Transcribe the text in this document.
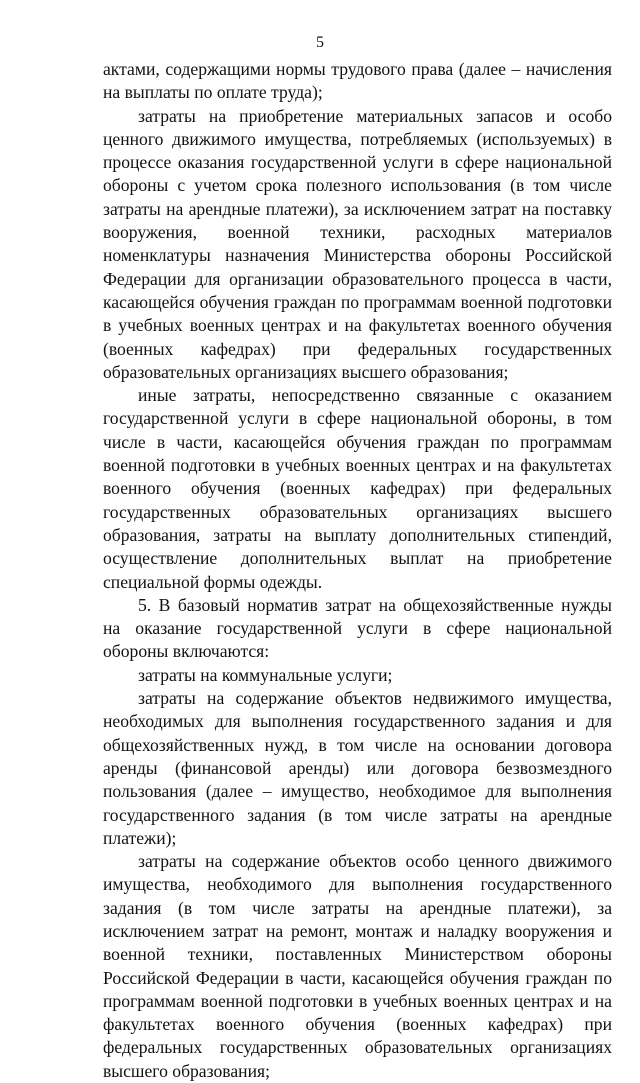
5

актами, содержащими нормы трудового права (далее – начисления на выплаты по оплате труда);

затраты на приобретение материальных запасов и особо ценного движимого имущества, потребляемых (используемых) в процессе оказания государственной услуги в сфере национальной обороны с учетом срока полезного использования (в том числе затраты на арендные платежи), за исключением затрат на поставку вооружения, военной техники, расходных материалов номенклатуры назначения Министерства обороны Российской Федерации для организации образовательного процесса в части, касающейся обучения граждан по программам военной подготовки в учебных военных центрах и на факультетах военного обучения (военных кафедрах) при федеральных государственных образовательных организациях высшего образования;

иные затраты, непосредственно связанные с оказанием государственной услуги в сфере национальной обороны, в том числе в части, касающейся обучения граждан по программам военной подготовки в учебных военных центрах и на факультетах военного обучения (военных кафедрах) при федеральных государственных образовательных организациях высшего образования, затраты на выплату дополнительных стипендий, осуществление дополнительных выплат на приобретение специальной формы одежды.

5. В базовый норматив затрат на общехозяйственные нужды на оказание государственной услуги в сфере национальной обороны включаются:

затраты на коммунальные услуги;

затраты на содержание объектов недвижимого имущества, необходимых для выполнения государственного задания и для общехозяйственных нужд, в том числе на основании договора аренды (финансовой аренды) или договора безвозмездного пользования (далее – имущество, необходимое для выполнения государственного задания (в том числе затраты на арендные платежи);

затраты на содержание объектов особо ценного движимого имущества, необходимого для выполнения государственного задания (в том числе затраты на арендные платежи), за исключением затрат на ремонт, монтаж и наладку вооружения и военной техники, поставленных Министерством обороны Российской Федерации в части, касающейся обучения граждан по программам военной подготовки в учебных военных центрах и на факультетах военного обучения (военных кафедрах) при федеральных государственных образовательных организациях высшего образования;
